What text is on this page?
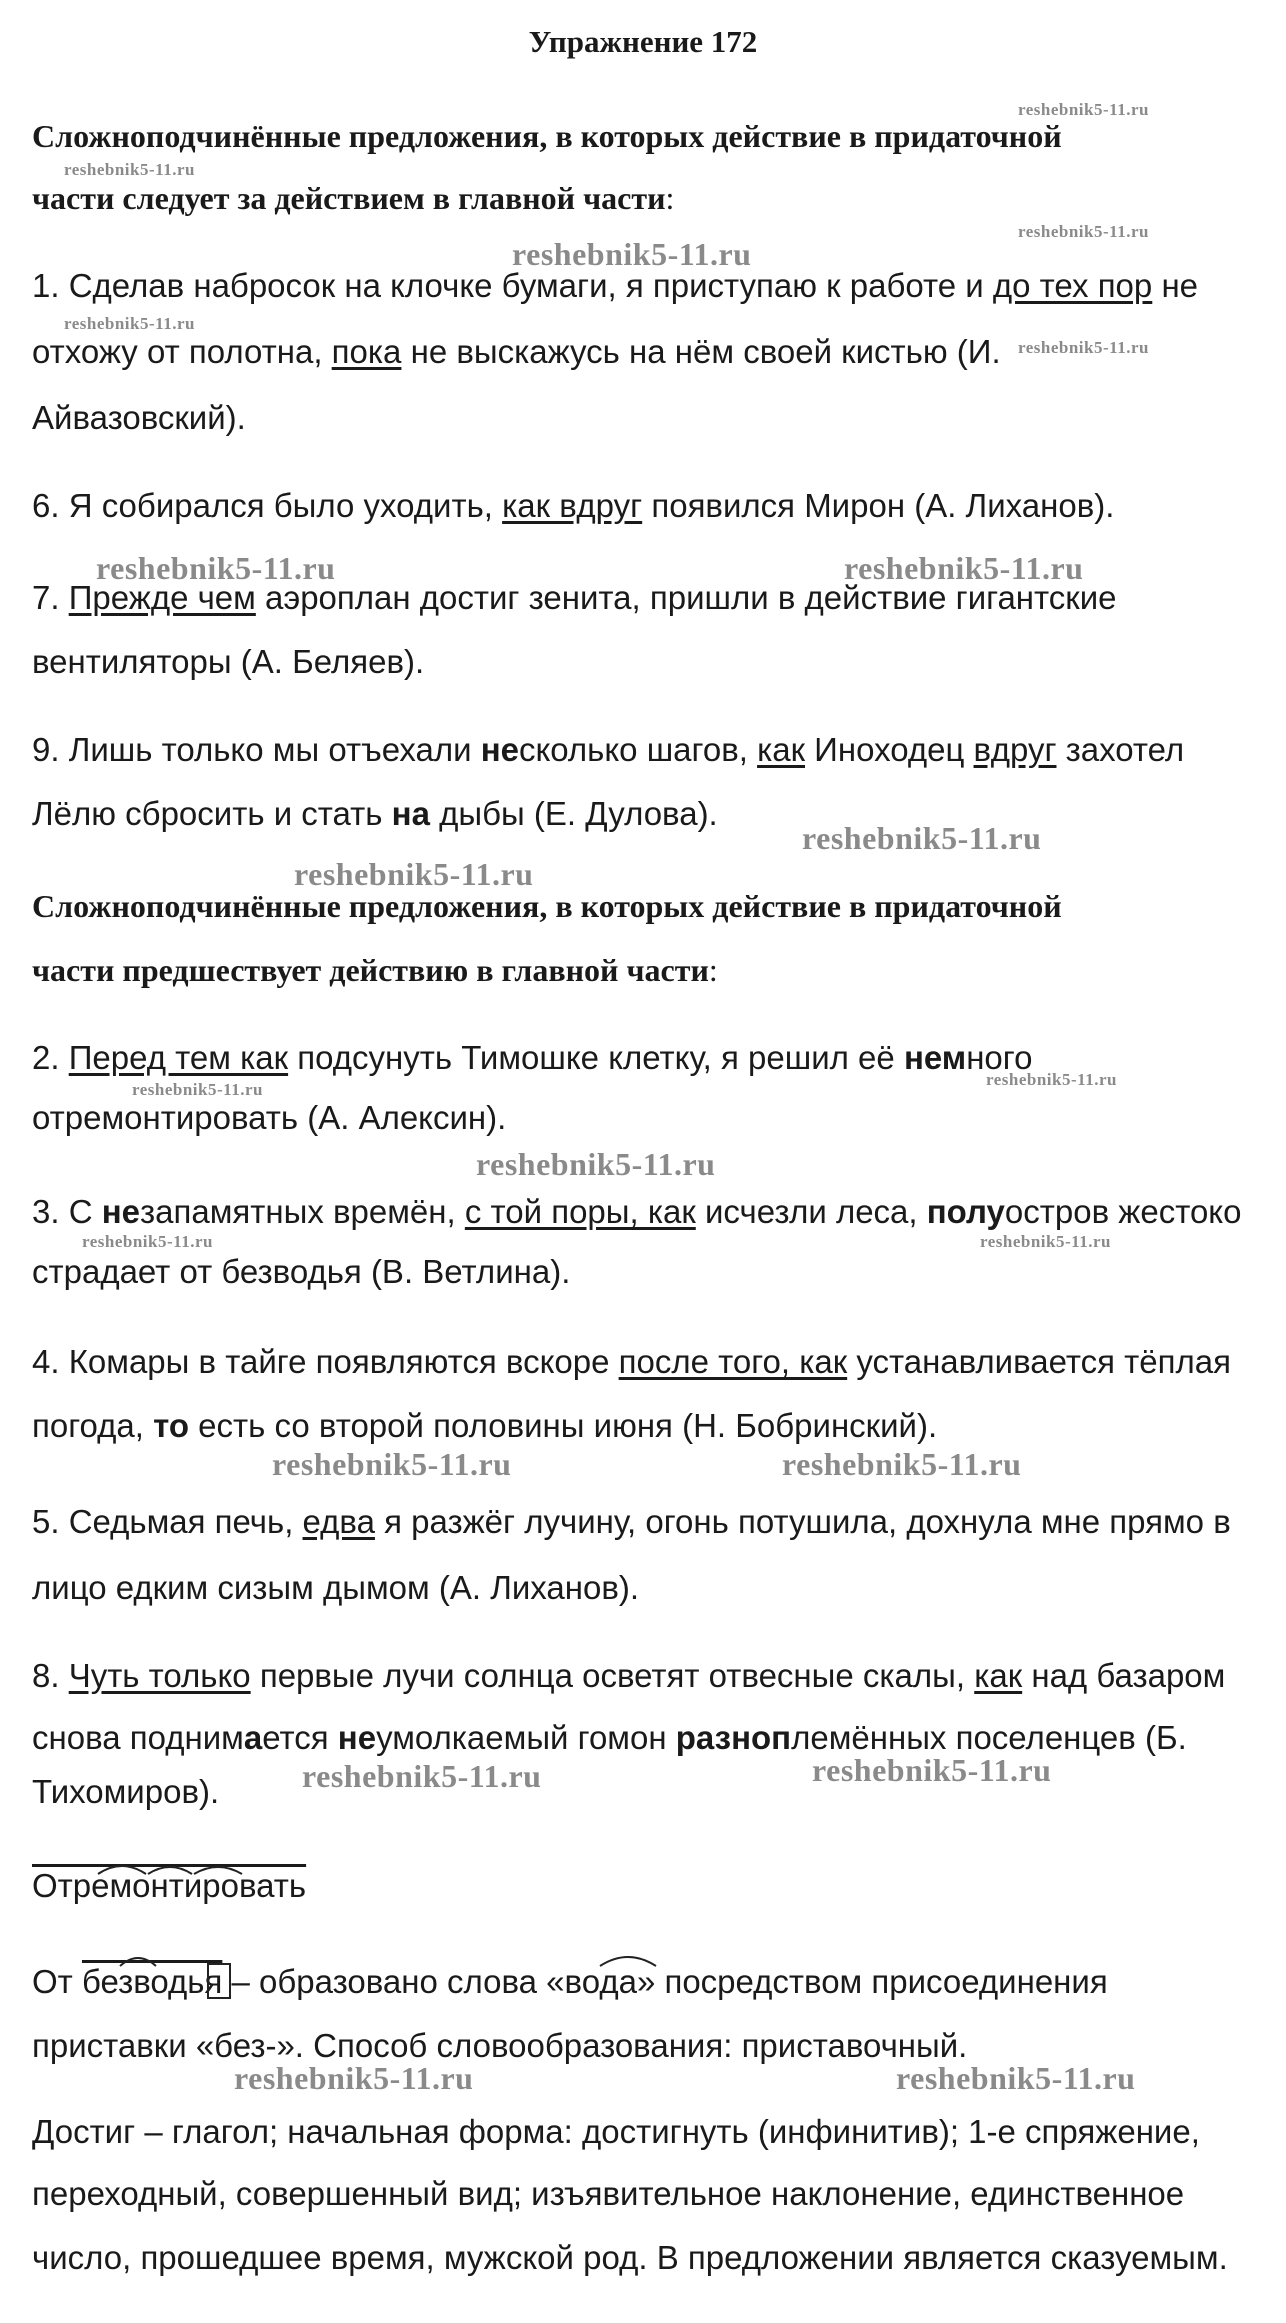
Упражнение 172
Сложноподчинённые предложения, в которых действие в придаточной
части следует за действием в главной части:
1. Сделав набросок на клочке бумаги, я приступаю к работе и до тех пор не
отхожу от полотна, пока не выскажусь на нём своей кистью (И.
Айвазовский).
6. Я собирался было уходить, как вдруг появился Мирон (А. Лиханов).
7. Прежде чем аэроплан достиг зенита, пришли в действие гигантские
вентиляторы (А. Беляев).
9. Лишь только мы отъехали несколько шагов, как Иноходец вдруг захотел
Лёлю сбросить и стать на дыбы (Е. Дулова).
Сложноподчинённые предложения, в которых действие в придаточной
части предшествует действию в главной части:
2. Перед тем как подсунуть Тимошке клетку, я решил её немного
отремонтировать (А. Алексин).
3. С незапамятных времён, с той поры, как исчезли леса, полуостров жестоко
страдает от безводья (В. Ветлина).
4. Комары в тайге появляются вскоре после того, как устанавливается тёплая
погода, то есть со второй половины июня (Н. Бобринский).
5. Седьмая печь, едва я разжёг лучину, огонь потушила, дохнула мне прямо в
лицо едким сизым дымом (А. Лиханов).
8. Чуть только первые лучи солнца осветят отвесные скалы, как над базаром
снова поднимается неумолкаемый гомон разноплемённых поселенцев (Б.
Тихомиров).
Отремонтировать
От безводья – образовано слова «вода» посредством присоединения
приставки «без-». Способ словообразования: приставочный.
Достиг – глагол; начальная форма: достигнуть (инфинитив); 1-е спряжение,
переходный, совершенный вид; изъявительное наклонение, единственное
число, прошедшее время, мужской род. В предложении является сказуемым.
reshebnik5-11.ru
reshebnik5-11.ru
reshebnik5-11.ru
reshebnik5-11.ru
reshebnik5-11.ru
reshebnik5-11.ru
reshebnik5-11.ru	reshebnik5-11.ru
reshebnik5-11.ru
reshebnik5-11.ru
reshebnik5-11.ru
reshebnik5-11.ru
reshebnik5-11.ru
reshebnik5-11.ru	reshebnik5-11.ru
reshebnik5-11.ru	reshebnik5-11.ru
reshebnik5-11.ru	reshebnik5-11.ru
reshebnik5-11.ru	reshebnik5-11.ru
